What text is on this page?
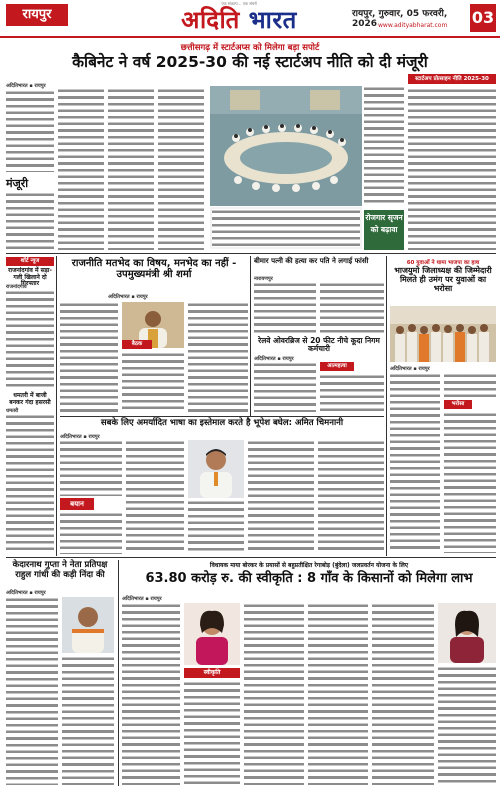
रायपुर
एक संकल्प... एक संघर्ष
अदिति भारत	रायपुर, गुरुवार, 05 फरवरी, 2026 www.adityabharat.com	03
छत्तीसगढ़ में स्टार्टअप्स को मिलेगा बड़ा सपोर्ट
कैबिनेट ने वर्ष 2025-30 की नई स्टार्टअप नीति को दी मंजूरी
अदितिभारत ▪ रायपुर
मंजूरी
रोजगार सृजन को बढ़ावा
स्टार्टअप प्रोत्साहन नीति 2025-30
शॉर्ट न्यूज
राजनांदगांव में सड़ा-गली खिलाने दो गिरफ्तार
राजनांदगांव
धमतरी में बाजी बनकर गंदा हसरसी
धमतरी
राजनीति मतभेद का विषय, मनभेद का नहीं - उपमुख्यमंत्री श्री शर्मा
अदितिभारत ▪ रायपुर
बैठक
बीमार पत्नी की हत्या कर पति ने लगाई फांसी
नारायणपुर
रेलवे ओवरब्रिज से 20 फीट नीचे कूदा निगम कर्मचारी
अदितिभारत ▪ रायपुर
आत्महत्या
60 युवाओं ने थामा भाजपा का हाथ
भाजयुमो जिलाध्यक्ष की जिम्मेदारी मिलते ही उमंग पर युवाओं का भरोसा
अदितिभारत ▪ रायपुर
भरोसा
सबके लिए अमर्यादित भाषा का इस्तेमाल करते है भूपेश बघेल: अमित चिमनानी
अदितिभारत ▪ रायपुर
बयान
केदारनाथ गुप्ता ने नेता प्रतिपक्ष राहुल गांधी की कड़ी निंदा की
अदितिभारत ▪ रायपुर
विधायक माया बोरकर के प्रयासों से बहुप्रतीक्षित रेगाबोड़ (बुंदेला) जलप्रवर्तन योजना के लिए
63.80 करोड़ रु. की स्वीकृति : 8 गाँव के किसानों को मिलेगा लाभ
अदितिभारत ▪ रायपुर
स्वीकृति
